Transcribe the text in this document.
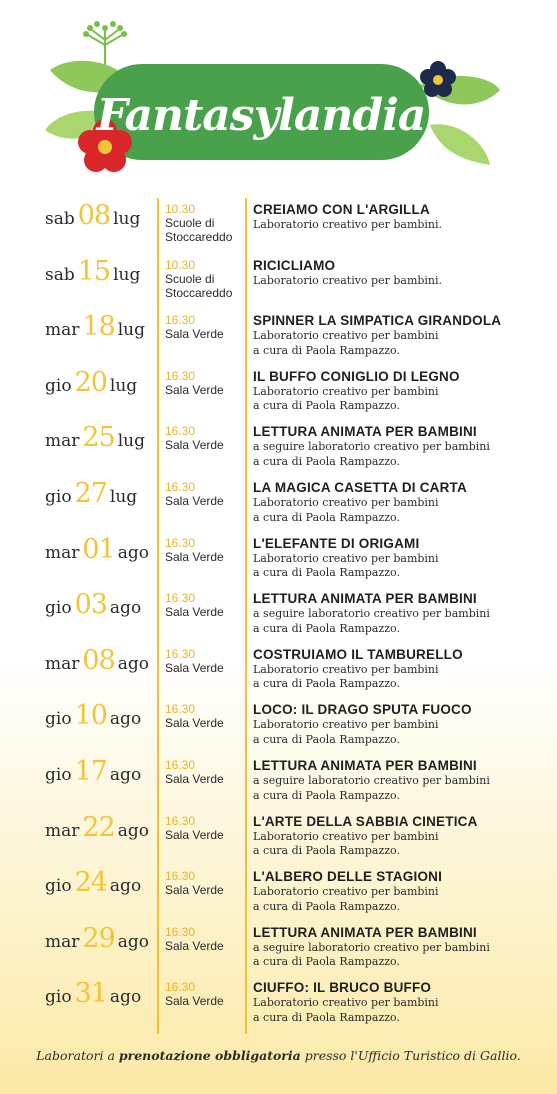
Fantasylandia
sab 08 lug 10.30
Scuole di Stoccareddo
CREIAMO CON L'ARGILLA
Laboratorio creativo per bambini.
sab 15 lug 10.30
Scuole di Stoccareddo
RICICLIAMO
Laboratorio creativo per bambini.
mar 18 lug 16.30
Sala Verde
SPINNER LA SIMPATICA GIRANDOLA
Laboratorio creativo per bambini
a cura di Paola Rampazzo.
gio 20 lug 16.30
Sala Verde
IL BUFFO CONIGLIO DI LEGNO
Laboratorio creativo per bambini
a cura di Paola Rampazzo.
mar 25 lug 16.30
Sala Verde
LETTURA ANIMATA PER BAMBINI
a seguire laboratorio creativo per bambini
a cura di Paola Rampazzo.
gio 27 lug 16.30
Sala Verde
LA MAGICA CASETTA DI CARTA
Laboratorio creativo per bambini
a cura di Paola Rampazzo.
mar 01 ago 16.30
Sala Verde
L'ELEFANTE DI ORIGAMI
Laboratorio creativo per bambini
a cura di Paola Rampazzo.
gio 03 ago 16.30
Sala Verde
LETTURA ANIMATA PER BAMBINI
a seguire laboratorio creativo per bambini
a cura di Paola Rampazzo.
mar 08 ago 16.30
Sala Verde
COSTRUIAMO IL TAMBURELLO
Laboratorio creativo per bambini
a cura di Paola Rampazzo.
gio 10 ago 16.30
Sala Verde
LOCO: IL DRAGO SPUTA FUOCO
Laboratorio creativo per bambini
a cura di Paola Rampazzo.
gio 17 ago 16.30
Sala Verde
LETTURA ANIMATA PER BAMBINI
a seguire laboratorio creativo per bambini
a cura di Paola Rampazzo.
mar 22 ago 16.30
Sala Verde
L'ARTE DELLA SABBIA CINETICA
Laboratorio creativo per bambini
a cura di Paola Rampazzo.
gio 24 ago 16.30
Sala Verde
L'ALBERO DELLE STAGIONI
Laboratorio creativo per bambini
a cura di Paola Rampazzo.
mar 29 ago 16.30
Sala Verde
LETTURA ANIMATA PER BAMBINI
a seguire laboratorio creativo per bambini
a cura di Paola Rampazzo.
gio 31 ago 16.30
Sala Verde
CIUFFO: IL BRUCO BUFFO
Laboratorio creativo per bambini
a cura di Paola Rampazzo.
Laboratori a prenotazione obbligatoria presso l'Ufficio Turistico di Gallio.
